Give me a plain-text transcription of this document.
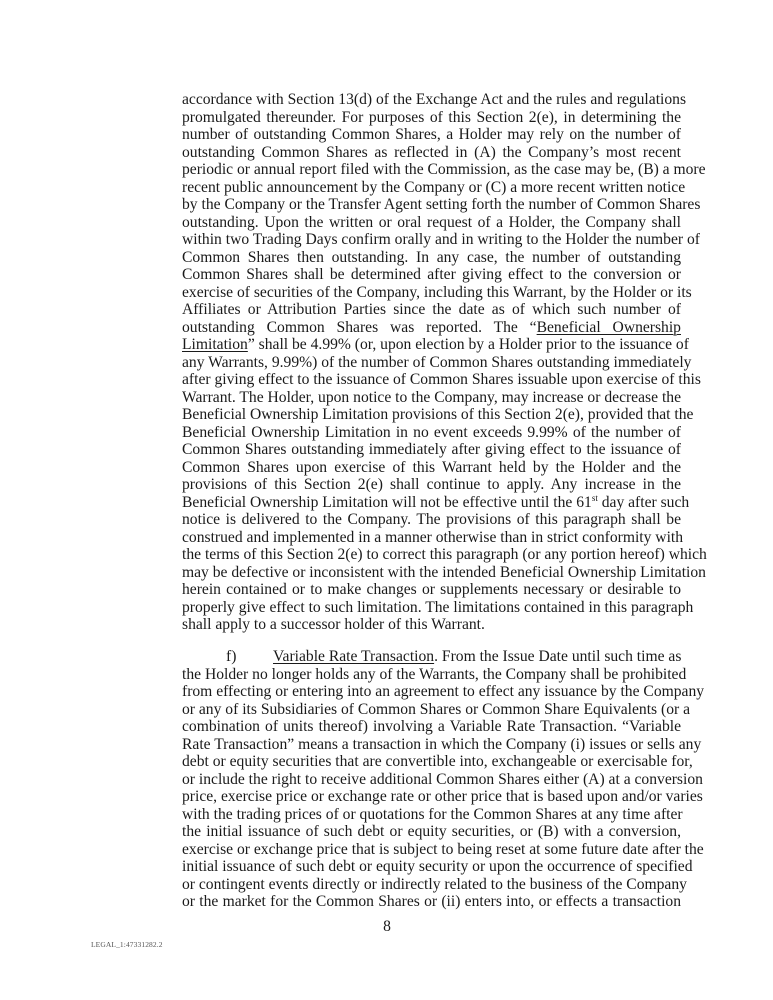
accordance with Section 13(d) of the Exchange Act and the rules and regulations
promulgated thereunder. For purposes of this Section 2(e), in determining the
number of outstanding Common Shares, a Holder may rely on the number of
outstanding Common Shares as reflected in (A) the Company’s most recent
periodic or annual report filed with the Commission, as the case may be, (B) a more
recent public announcement by the Company or (C) a more recent written notice
by the Company or the Transfer Agent setting forth the number of Common Shares
outstanding. Upon the written or oral request of a Holder, the Company shall
within two Trading Days confirm orally and in writing to the Holder the number of
Common Shares then outstanding. In any case, the number of outstanding
Common Shares shall be determined after giving effect to the conversion or
exercise of securities of the Company, including this Warrant, by the Holder or its
Affiliates or Attribution Parties since the date as of which such number of
outstanding Common Shares was reported. The “Beneficial Ownership
Limitation” shall be 4.99% (or, upon election by a Holder prior to the issuance of
any Warrants, 9.99%) of the number of Common Shares outstanding immediately
after giving effect to the issuance of Common Shares issuable upon exercise of this
Warrant. The Holder, upon notice to the Company, may increase or decrease the
Beneficial Ownership Limitation provisions of this Section 2(e), provided that the
Beneficial Ownership Limitation in no event exceeds 9.99% of the number of
Common Shares outstanding immediately after giving effect to the issuance of
Common Shares upon exercise of this Warrant held by the Holder and the
provisions of this Section 2(e) shall continue to apply. Any increase in the
Beneficial Ownership Limitation will not be effective until the 61st day after such
notice is delivered to the Company. The provisions of this paragraph shall be
construed and implemented in a manner otherwise than in strict conformity with
the terms of this Section 2(e) to correct this paragraph (or any portion hereof) which
may be defective or inconsistent with the intended Beneficial Ownership Limitation
herein contained or to make changes or supplements necessary or desirable to
properly give effect to such limitation. The limitations contained in this paragraph
shall apply to a successor holder of this Warrant.
f) Variable Rate Transaction. From the Issue Date until such time as
the Holder no longer holds any of the Warrants, the Company shall be prohibited
from effecting or entering into an agreement to effect any issuance by the Company
or any of its Subsidiaries of Common Shares or Common Share Equivalents (or a
combination of units thereof) involving a Variable Rate Transaction. “Variable
Rate Transaction” means a transaction in which the Company (i) issues or sells any
debt or equity securities that are convertible into, exchangeable or exercisable for,
or include the right to receive additional Common Shares either (A) at a conversion
price, exercise price or exchange rate or other price that is based upon and/or varies
with the trading prices of or quotations for the Common Shares at any time after
the initial issuance of such debt or equity securities, or (B) with a conversion,
exercise or exchange price that is subject to being reset at some future date after the
initial issuance of such debt or equity security or upon the occurrence of specified
or contingent events directly or indirectly related to the business of the Company
or the market for the Common Shares or (ii) enters into, or effects a transaction
8
LEGAL_1:47331282.2
